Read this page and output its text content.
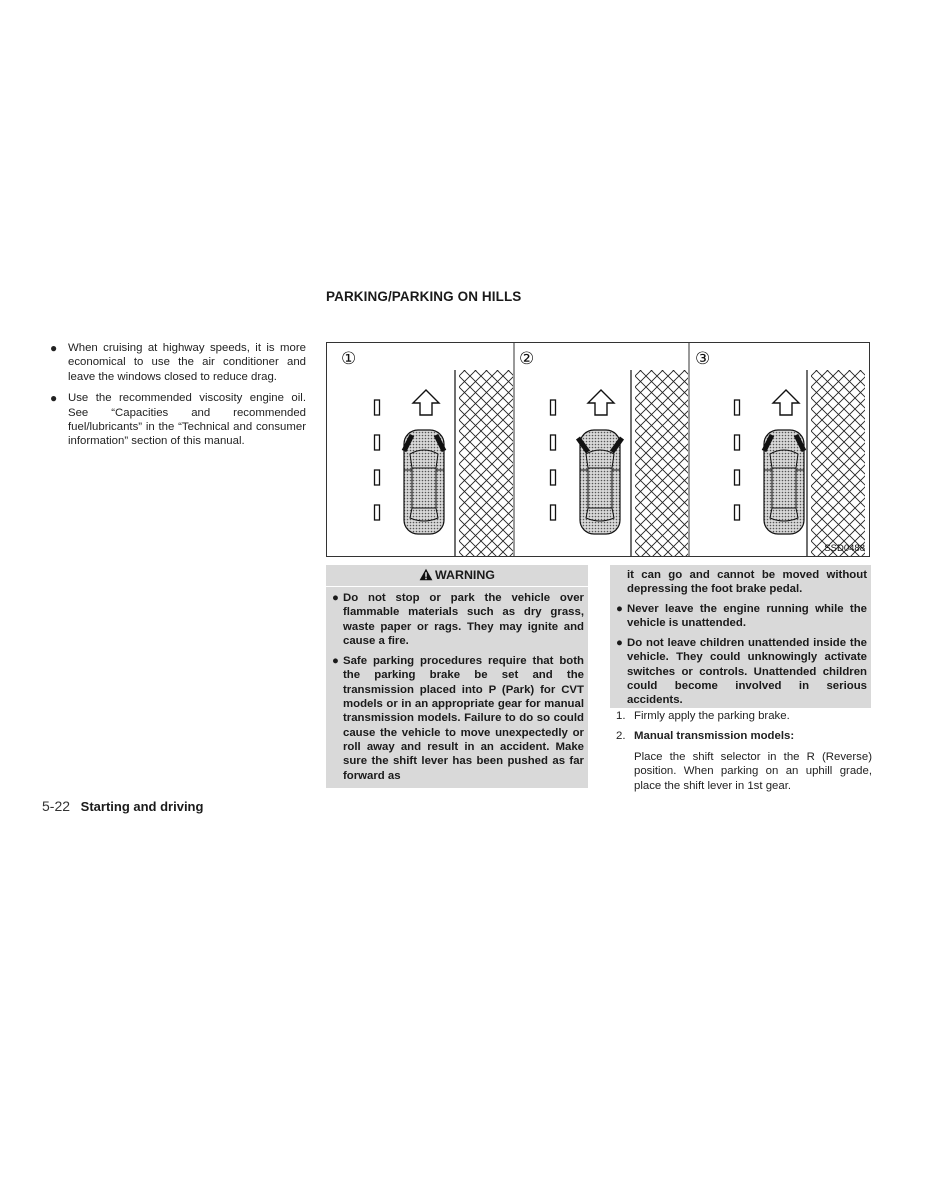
PARKING/PARKING ON HILLS
● When cruising at highway speeds, it is more economical to use the air conditioner and leave the windows closed to reduce drag.
● Use the recommended viscosity engine oil. See “Capacities and recommended fuel/lubricants” in the “Technical and consumer information” section of this manual.
①	②	③
SSD0488
WARNING
● Do not stop or park the vehicle over flammable materials such as dry grass, waste paper or rags. They may ignite and cause a fire.
● Safe parking procedures require that both the parking brake be set and the transmission placed into P (Park) for CVT models or in an appropriate gear for manual transmission models. Failure to do so could cause the vehicle to move unexpectedly or roll away and result in an accident. Make sure the shift lever has been pushed as far forward as
it can go and cannot be moved without depressing the foot brake pedal.
● Never leave the engine running while the vehicle is unattended.
● Do not leave children unattended inside the vehicle. They could unknowingly activate switches or controls. Unattended children could become involved in serious accidents.
1. Firmly apply the parking brake.
2. Manual transmission models:
Place the shift selector in the R (Reverse) position. When parking on an uphill grade, place the shift lever in 1st gear.
5-22 Starting and driving
